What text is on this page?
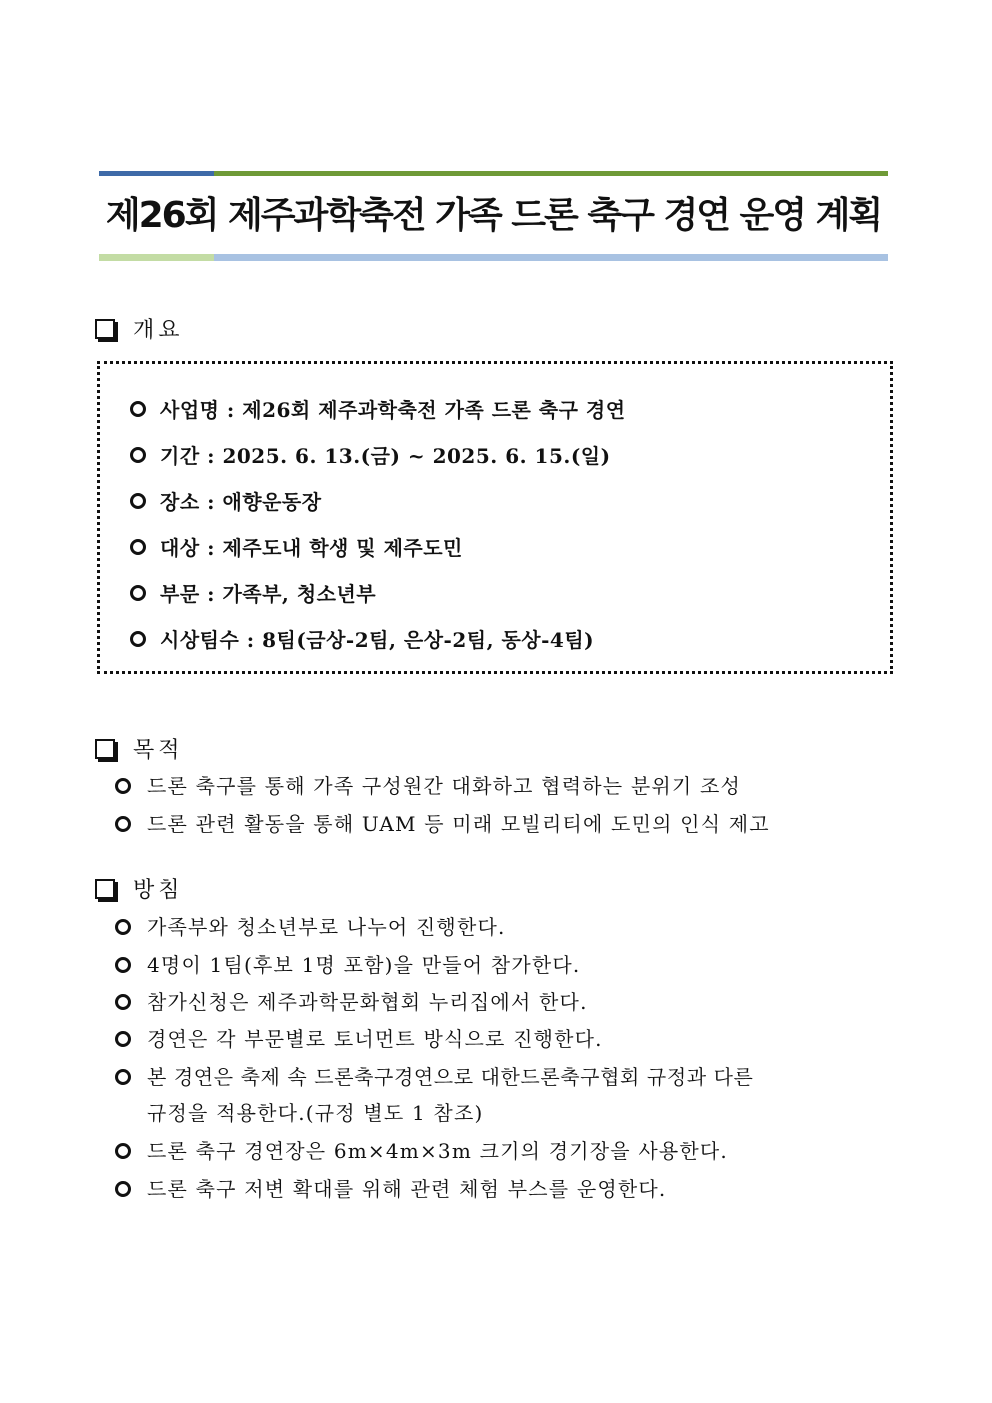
제26회 제주과학축전 가족 드론 축구 경연 운영 계획
개요
사업명 : 제26회 제주과학축전 가족 드론 축구 경연
기간 : 2025. 6. 13.(금) ~ 2025. 6. 15.(일)
장소 : 애향운동장
대상 : 제주도내 학생 및 제주도민
부문 : 가족부, 청소년부
시상팀수 : 8팀(금상-2팀, 은상-2팀, 동상-4팀)
목적
드론 축구를 통해 가족 구성원간 대화하고 협력하는 분위기 조성
드론 관련 활동을 통해 UAM 등 미래 모빌리티에 도민의 인식 제고
방침
가족부와 청소년부로 나누어 진행한다.
4명이 1팀(후보 1명 포함)을 만들어 참가한다.
참가신청은 제주과학문화협회 누리집에서 한다.
경연은 각 부문별로 토너먼트 방식으로 진행한다.
본 경연은 축제 속 드론축구경연으로 대한드론축구협회 규정과 다른
규정을 적용한다.(규정 별도 1 참조)
드론 축구 경연장은 6m×4m×3m 크기의 경기장을 사용한다.
드론 축구 저변 확대를 위해 관련 체험 부스를 운영한다.
